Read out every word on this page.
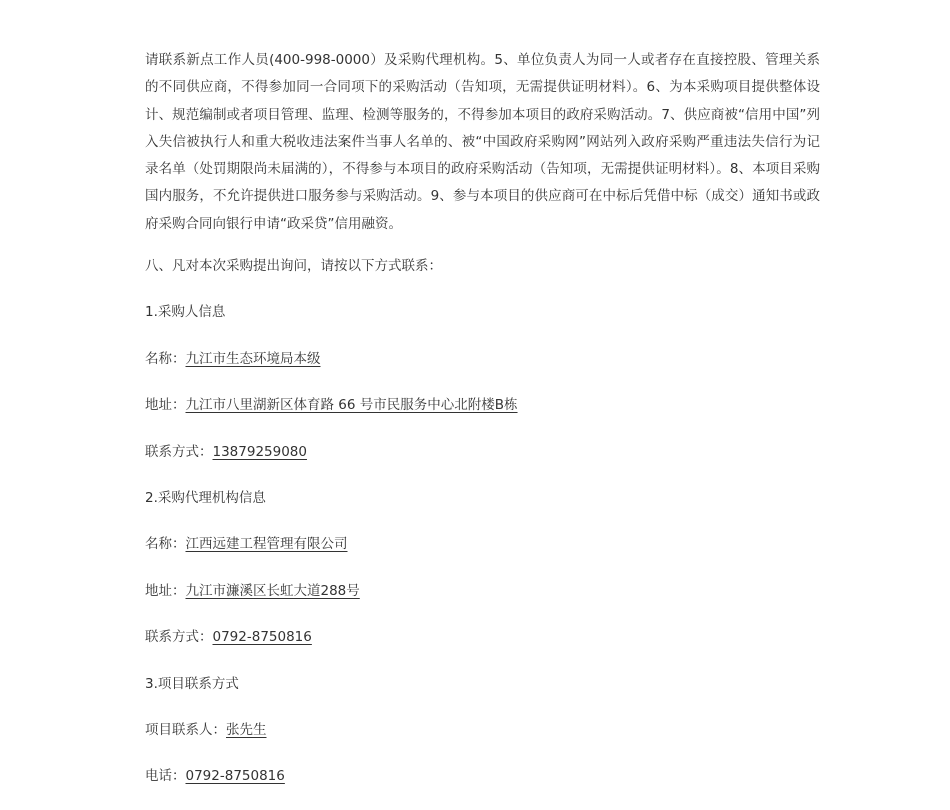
请联系新点工作人员(400-998-0000）及采购代理机构。5、单位负责人为同一人或者存在直接控股、管理关系的不同供应商，不得参加同一合同项下的采购活动（告知项，无需提供证明材料）。6、为本采购项目提供整体设计、规范编制或者项目管理、监理、检测等服务的，不得参加本项目的政府采购活动。7、供应商被“信用中国”列入失信被执行人和重大税收违法案件当事人名单的、被“中国政府采购网”网站列入政府采购严重违法失信行为记录名单（处罚期限尚未届满的），不得参与本项目的政府采购活动（告知项，无需提供证明材料）。8、本项目采购国内服务，不允许提供进口服务参与采购活动。9、参与本项目的供应商可在中标后凭借中标（成交）通知书或政府采购合同向银行申请“政采贷”信用融资。

八、凡对本次采购提出询问，请按以下方式联系：

1.采购人信息

名称：九江市生态环境局本级

地址：九江市八里湖新区体育路 66 号市民服务中心北附楼B栋

联系方式：13879259080

2.采购代理机构信息

名称：江西远建工程管理有限公司

地址：九江市濂溪区长虹大道288号

联系方式：0792-8750816

3.项目联系方式

项目联系人：张先生

电话：0792-8750816
